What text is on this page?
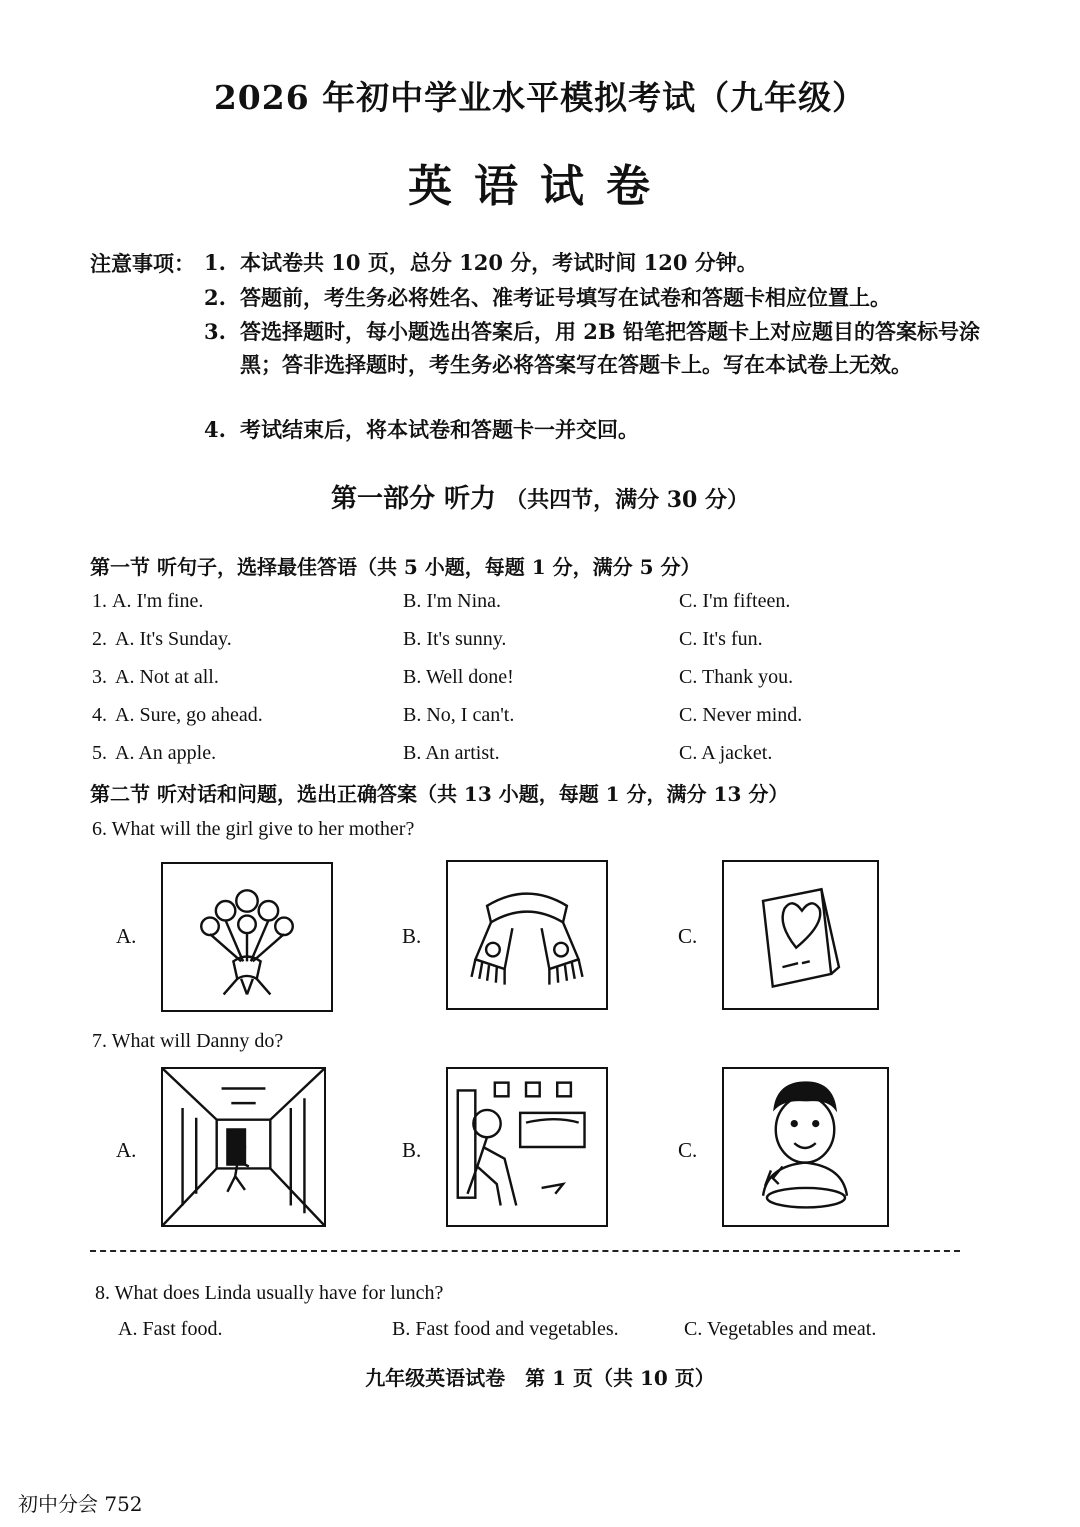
2026 年初中学业水平模拟考试（九年级）
英语试卷
注意事项： 1. 本试卷共 10 页，总分 120 分，考试时间 120 分钟。
2. 答题前，考生务必将姓名、准考证号填写在试卷和答题卡相应位置上。
3. 答选择题时，每小题选出答案后，用 2B 铅笔把答题卡上对应题目的答案标号涂黑；答非选择题时，考生务必将答案写在答题卡上。写在本试卷上无效。
4. 考试结束后，将本试卷和答题卡一并交回。
第一部分 听力 （共四节，满分 30 分）
第一节 听句子，选择最佳答语（共 5 小题，每题 1 分，满分 5 分）
1. A. I'm fine.	B. I'm Nina.	C. I'm fifteen.
2. A. It's Sunday.	B. It's sunny.	C. It's fun.
3. A. Not at all.	B. Well done!	C. Thank you.
4. A. Sure, go ahead.	B. No, I can't.	C. Never mind.
5. A. An apple.	B. An artist.	C. A jacket.
第二节 听对话和问题，选出正确答案（共 13 小题，每题 1 分，满分 13 分）
6. What will the girl give to her mother?
A.	B.	C.
7. What will Danny do?
A.	B.	C.
8. What does Linda usually have for lunch?
A. Fast food.	B. Fast food and vegetables.	C. Vegetables and meat.
九年级英语试卷　第 1 页（共 10 页）
初中分会 752
